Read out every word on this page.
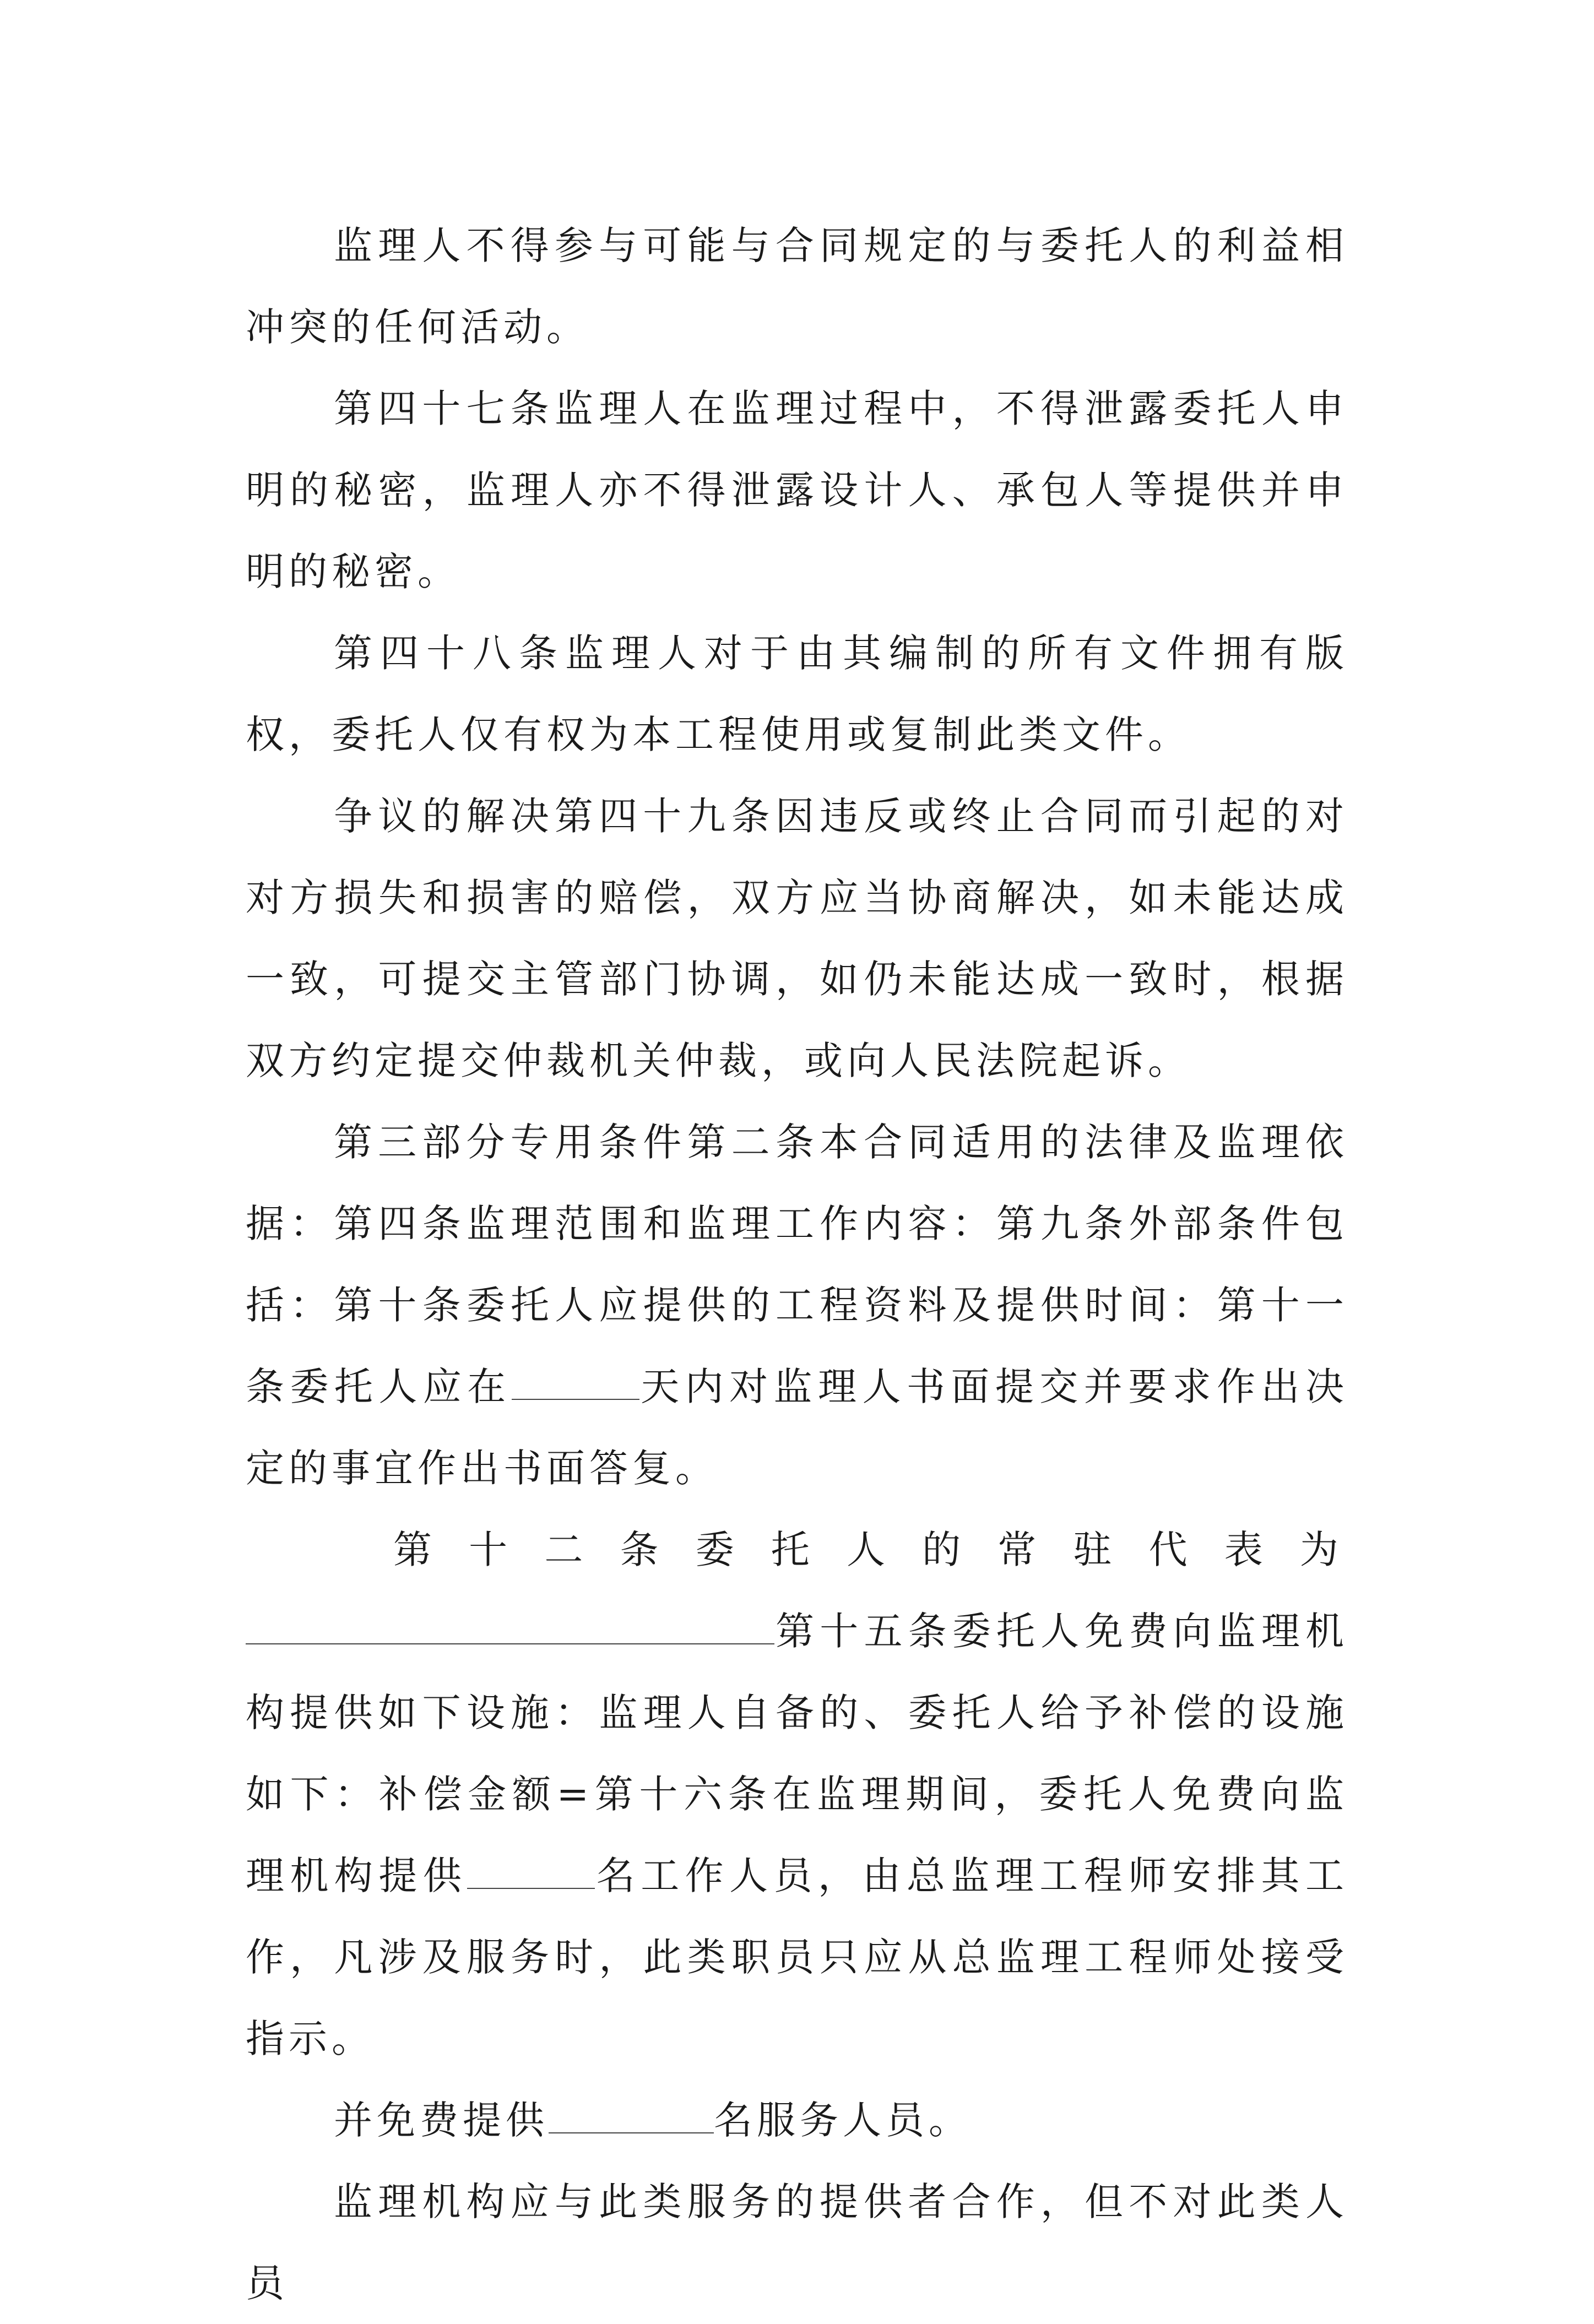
监理人不得参与可能与合同规定的与委托人的利益相冲突的任何活动。

第四十七条监理人在监理过程中，不得泄露委托人申明的秘密，监理人亦不得泄露设计人、承包人等提供并申明的秘密。

第四十八条监理人对于由其编制的所有文件拥有版权，委托人仅有权为本工程使用或复制此类文件。

争议的解决第四十九条因违反或终止合同而引起的对对方损失和损害的赔偿，双方应当协商解决，如未能达成一致，可提交主管部门协调，如仍未能达成一致时，根据双方约定提交仲裁机关仲裁，或向人民法院起诉。

第三部分专用条件第二条本合同适用的法律及监理依据：第四条监理范围和监理工作内容：第九条外部条件包括：第十条委托人应提供的工程资料及提供时间：第十一条委托人应在	天内对监理人书面提交并要求作出决定的事宜作出书面答复。

第 十 二 条 委 托 人 的 常 驻 代 表 为

第十五条委托人免费向监理机构提供如下设施：监理人自备的、委托人给予补偿的设施如下：补偿金额=第十六条在监理期间，委托人免费向监理机构提供	名工作人员，由总监理工程师安排其工作，凡涉及服务时，此类职员只应从总监理工程师处接受指示。

并免费提供	名服务人员。

监理机构应与此类服务的提供者合作，但不对此类人员
